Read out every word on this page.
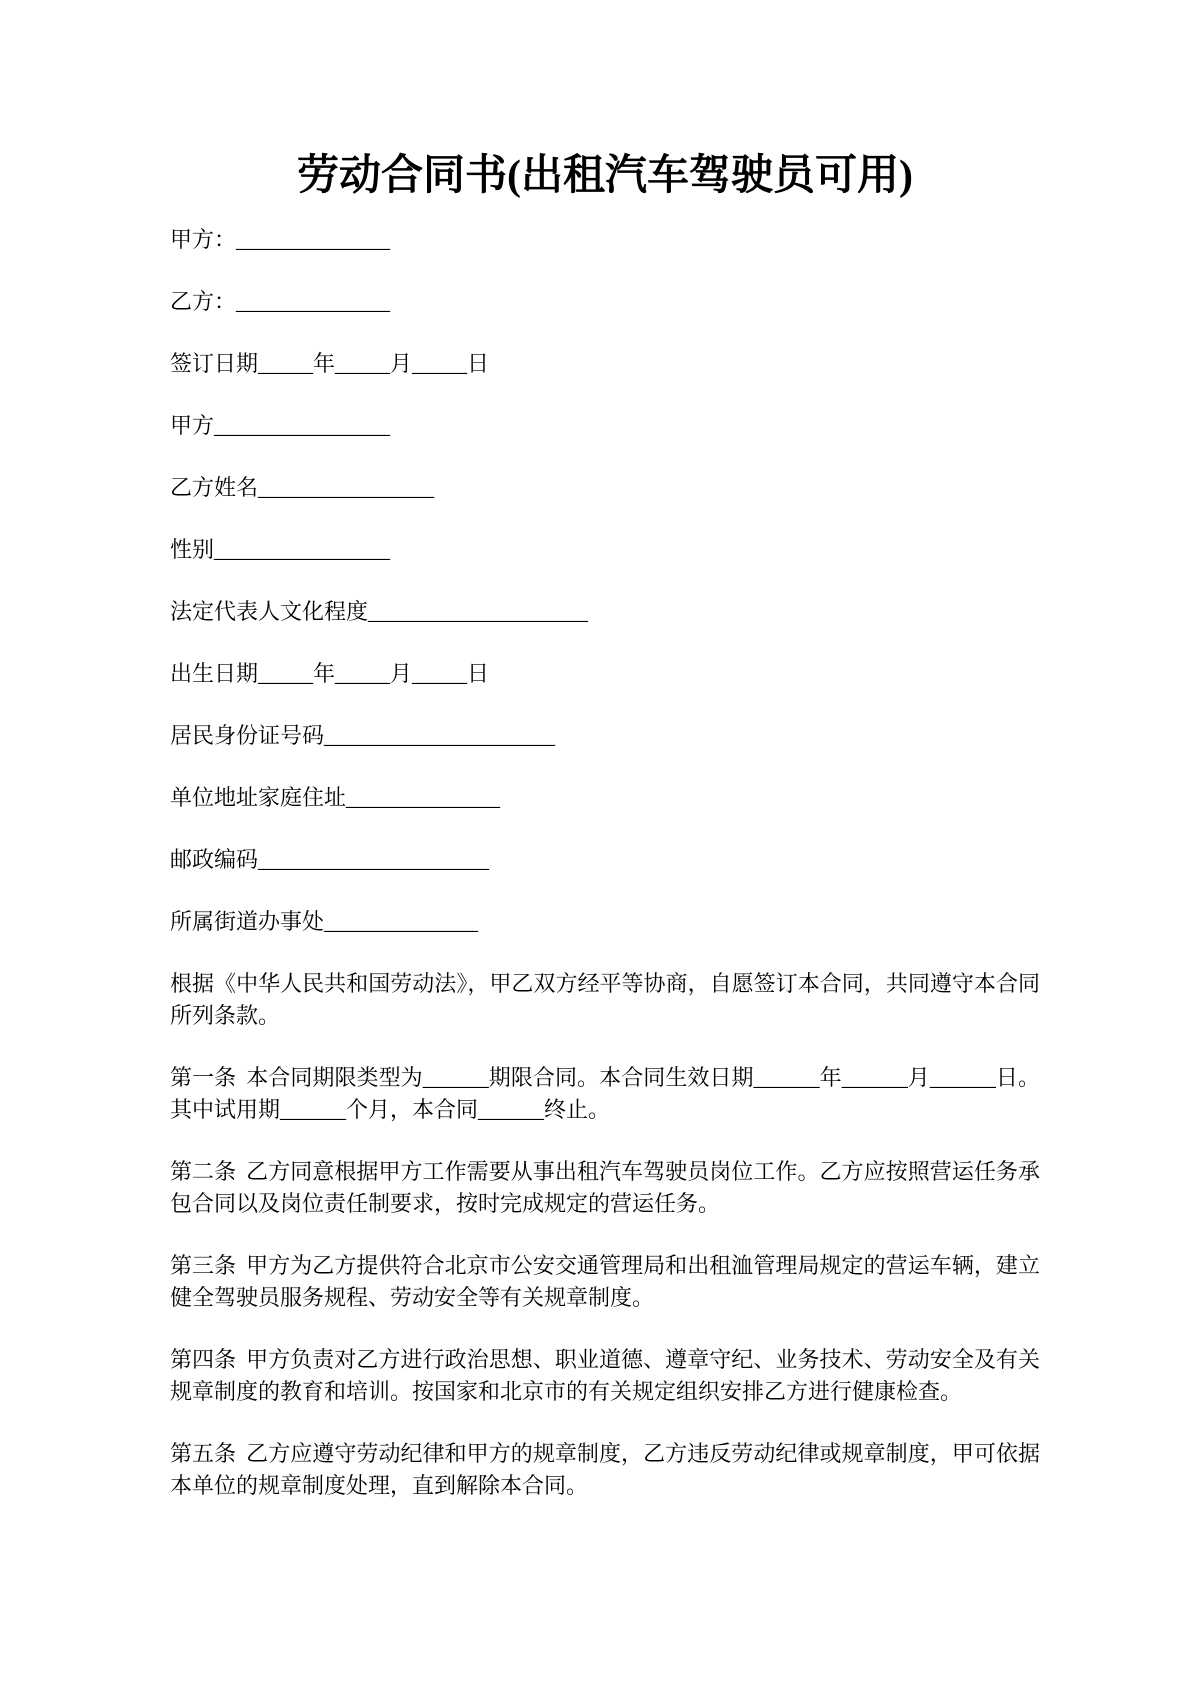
劳动合同书(出租汽车驾驶员可用)

甲方：______________

乙方：______________

签订日期_____年_____月_____日

甲方________________

乙方姓名________________

性别________________

法定代表人文化程度____________________

出生日期_____年_____月_____日

居民身份证号码_____________________

单位地址家庭住址______________

邮政编码_____________________

所属街道办事处______________

根据《中华人民共和国劳动法》，甲乙双方经平等协商，自愿签订本合同，共同遵守本合同所列条款。

第一条 本合同期限类型为______期限合同。本合同生效日期______年______月______日。其中试用期______个月，本合同______终止。

第二条 乙方同意根据甲方工作需要从事出租汽车驾驶员岗位工作。乙方应按照营运任务承包合同以及岗位责任制要求，按时完成规定的营运任务。

第三条 甲方为乙方提供符合北京市公安交通管理局和出租洫管理局规定的营运车辆，建立健全驾驶员服务规程、劳动安全等有关规章制度。

第四条 甲方负责对乙方进行政治思想、职业道德、遵章守纪、业务技术、劳动安全及有关规章制度的教育和培训。按国家和北京市的有关规定组织安排乙方进行健康检查。

第五条 乙方应遵守劳动纪律和甲方的规章制度，乙方违反劳动纪律或规章制度，甲可依据本单位的规章制度处理，直到解除本合同。
